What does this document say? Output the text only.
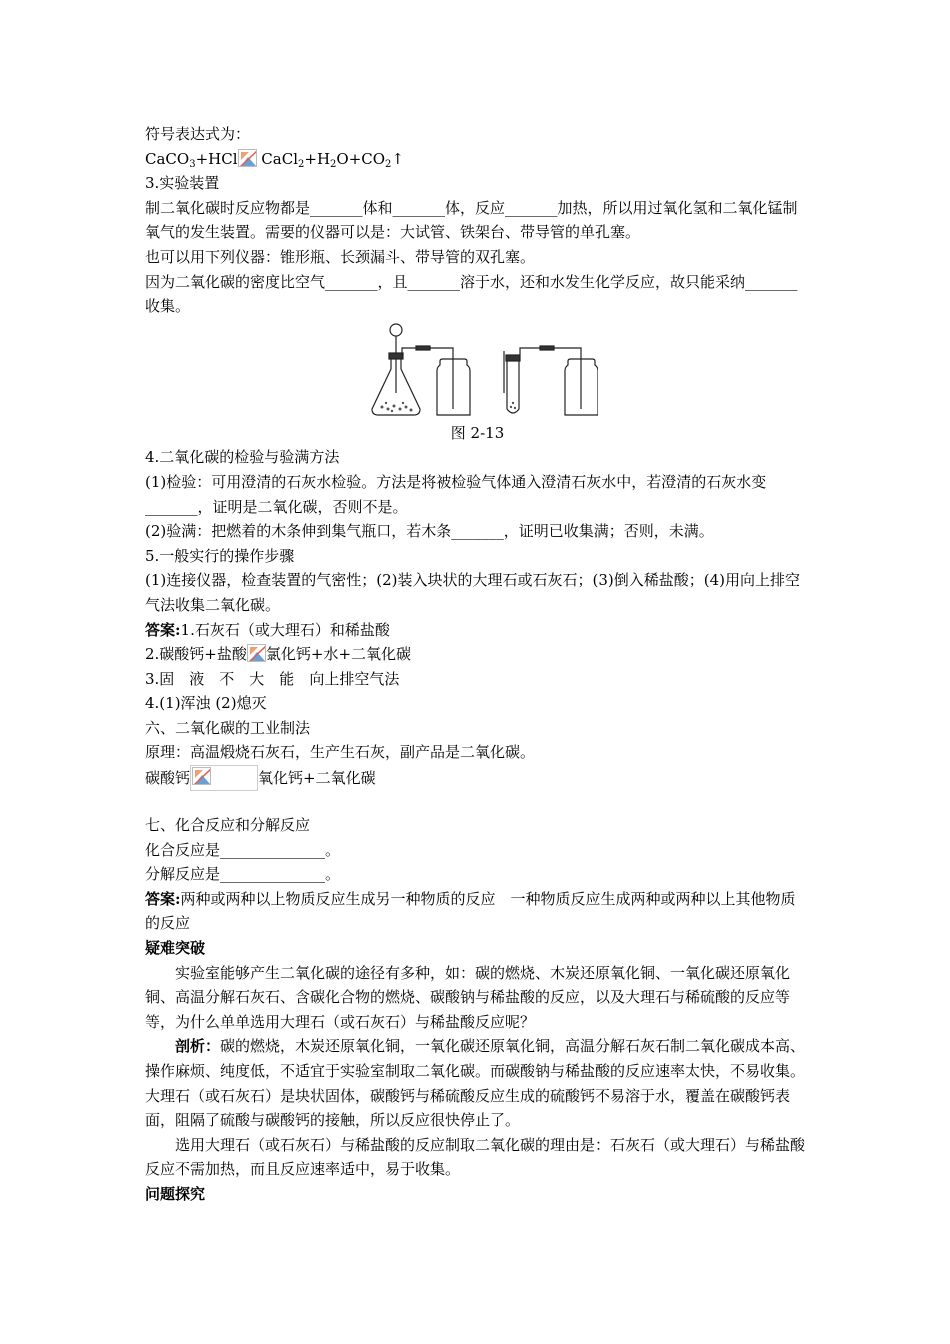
符号表达式为：
CaCO$_3$+HCl $CaCl_2+H_2O+CO_2↑$
3.实验装置
制二氧化碳时反应物都是_______体和_______体，反应_______加热，所以用过氧化氢和二氧化锰制氧气的发生装置。需要的仪器可以是：大试管、铁架台、带导管的单孔塞。
也可以用下列仪器：锥形瓶、长颈漏斗、带导管的双孔塞。
因为二氧化碳的密度比空气_______，且_______溶于水，还和水发生化学反应，故只能采纳_______收集。
图 2-13
4.二氧化碳的检验与验满方法
(1)检验：可用澄清的石灰水检验。方法是将被检验气体通入澄清石灰水中，若澄清的石灰水变_______，证明是二氧化碳，否则不是。
(2)验满：把燃着的木条伸到集气瓶口，若木条_______，证明已收集满；否则，未满。
5.一般实行的操作步骤
(1)连接仪器，检查装置的气密性；(2)装入块状的大理石或石灰石；(3)倒入稀盐酸；(4)用向上排空气法收集二氧化碳。
答案:1.石灰石（或大理石）和稀盐酸
2.碳酸钙+盐酸 氯化钙+水+二氧化碳
3.固　液　不　大　能　向上排空气法
4.(1)浑浊 (2)熄灭
六、二氧化碳的工业制法
原理：高温煅烧石灰石，生产生石灰，副产品是二氧化碳。
碳酸钙	氧化钙+二氧化碳
七、化合反应和分解反应
化合反应是______________。
分解反应是______________。
答案:两种或两种以上物质反应生成另一种物质的反应　一种物质反应生成两种或两种以上其他物质的反应
疑难突破
实验室能够产生二氧化碳的途径有多种，如：碳的燃烧、木炭还原氧化铜、一氧化碳还原氧化铜、高温分解石灰石、含碳化合物的燃烧、碳酸钠与稀盐酸的反应，以及大理石与稀硫酸的反应等等，为什么单单选用大理石（或石灰石）与稀盐酸反应呢？
剖析：碳的燃烧，木炭还原氧化铜，一氧化碳还原氧化铜，高温分解石灰石制二氧化碳成本高、操作麻烦、纯度低，不适宜于实验室制取二氧化碳。而碳酸钠与稀盐酸的反应速率太快，不易收集。大理石（或石灰石）是块状固体，碳酸钙与稀硫酸反应生成的硫酸钙不易溶于水，覆盖在碳酸钙表面，阻隔了硫酸与碳酸钙的接触，所以反应很快停止了。
选用大理石（或石灰石）与稀盐酸的反应制取二氧化碳的理由是：石灰石（或大理石）与稀盐酸反应不需加热，而且反应速率适中，易于收集。
问题探究
